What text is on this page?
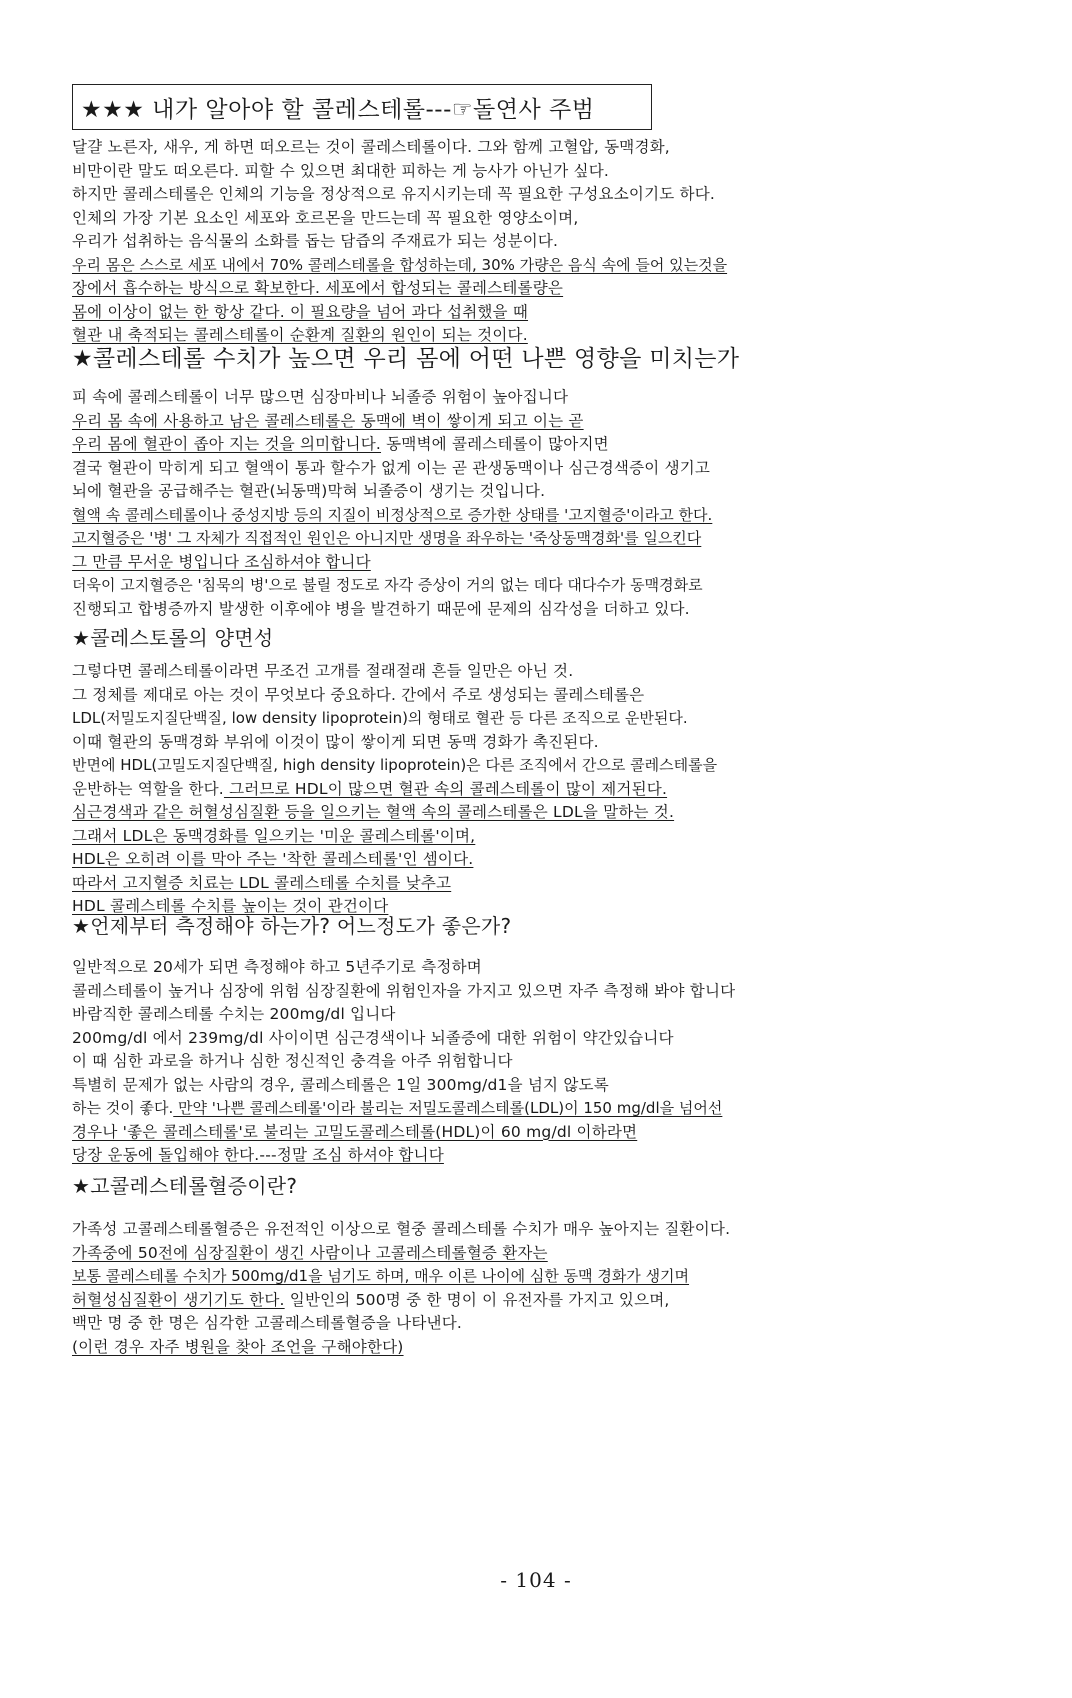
★★★ 내가 알아야 할 콜레스테롤---☞돌연사 주범
달걀 노른자, 새우, 게 하면 떠오르는 것이 콜레스테롤이다. 그와 함께 고혈압, 동맥경화,
비만이란 말도 떠오른다. 피할 수 있으면 최대한 피하는 게 능사가 아닌가 싶다.
하지만 콜레스테롤은 인체의 기능을 정상적으로 유지시키는데 꼭 필요한 구성요소이기도 하다.
인체의 가장 기본 요소인 세포와 호르몬을 만드는데 꼭 필요한 영양소이며,
우리가 섭취하는 음식물의 소화를 돕는 담즙의 주재료가 되는 성분이다.
우리 몸은 스스로 세포 내에서 70% 콜레스테롤을 합성하는데, 30% 가량은 음식 속에 들어 있는것을
장에서 흡수하는 방식으로 확보한다. 세포에서 합성되는 콜레스테롤량은
몸에 이상이 없는 한 항상 같다. 이 필요량을 넘어 과다 섭취했을 때
혈관 내 축적되는 콜레스테롤이 순환계 질환의 원인이 되는 것이다.
★콜레스테롤 수치가 높으면 우리 몸에 어떤 나쁜 영향을 미치는가
피 속에 콜레스테롤이 너무 많으면 심장마비나 뇌졸증 위험이 높아집니다
우리 몸 속에 사용하고 남은 콜레스테롤은 동맥에 벽이 쌓이게 되고 이는 곧
우리 몸에 혈관이 좁아 지는 것을 의미합니다. 동맥벽에 콜레스테롤이 많아지면
결국 혈관이 막히게 되고 혈액이 통과 할수가 없게 이는 곧 관생동맥이나 심근경색증이 생기고
뇌에 혈관을 공급해주는 혈관(뇌동맥)막혀 뇌졸증이 생기는 것입니다.
혈액 속 콜레스테롤이나 중성지방 등의 지질이 비정상적으로 증가한 상태를 '고지혈증'이라고 한다.
고지혈증은 '병' 그 자체가 직접적인 원인은 아니지만 생명을 좌우하는 '죽상동맥경화'를 일으킨다
그 만큼 무서운 병입니다 조심하셔야 합니다
더욱이 고지혈증은 '침묵의 병'으로 불릴 정도로 자각 증상이 거의 없는 데다 대다수가 동맥경화로
진행되고 합병증까지 발생한 이후에야 병을 발견하기 때문에 문제의 심각성을 더하고 있다.
★콜레스토롤의 양면성
그렇다면 콜레스테롤이라면 무조건 고개를 절래절래 흔들 일만은 아닌 것.
그 정체를 제대로 아는 것이 무엇보다 중요하다. 간에서 주로 생성되는 콜레스테롤은
LDL(저밀도지질단백질, low density lipoprotein)의 형태로 혈관 등 다른 조직으로 운반된다.
이때 혈관의 동맥경화 부위에 이것이 많이 쌓이게 되면 동맥 경화가 촉진된다.
반면에 HDL(고밀도지질단백질, high density lipoprotein)은 다른 조직에서 간으로 콜레스테롤을
운반하는 역할을 한다. 그러므로 HDL이 많으면 혈관 속의 콜레스테롤이 많이 제거된다.
심근경색과 같은 허혈성심질환 등을 일으키는 혈액 속의 콜레스테롤은 LDL을 말하는 것.
그래서 LDL은 동맥경화를 일으키는 '미운 콜레스테롤'이며,
HDL은 오히려 이를 막아 주는 '착한 콜레스테롤'인 셈이다.
따라서 고지혈증 치료는 LDL 콜레스테롤 수치를 낮추고
HDL 콜레스테롤 수치를 높이는 것이 관건이다
★언제부터 측정해야 하는가? 어느정도가 좋은가?
일반적으로 20세가 되면 측정해야 하고 5년주기로 측정하며
콜레스테롤이 높거나 심장에 위험 심장질환에 위험인자을 가지고 있으면 자주 측정해 봐야 합니다
바람직한 콜레스테롤 수치는 200mg/dl 입니다
200mg/dl 에서 239mg/dl 사이이면 심근경색이나 뇌졸증에 대한 위험이 약간있습니다
이 때 심한 과로을 하거나 심한 정신적인 충격을 아주 위험합니다
특별히 문제가 없는 사람의 경우, 콜레스테롤은 1일 300mg/d1을 넘지 않도록
하는 것이 좋다. 만약 '나쁜 콜레스테롤'이라 불리는 저밀도콜레스테롤(LDL)이 150 mg/dl을 넘어선
경우나 '좋은 콜레스테롤'로 불리는 고밀도콜레스테롤(HDL)이 60 mg/dl 이하라면
당장 운동에 돌입해야 한다.---정말 조심 하셔야 합니다
★고콜레스테롤혈증이란?
가족성 고콜레스테롤혈증은 유전적인 이상으로 혈중 콜레스테롤 수치가 매우 높아지는 질환이다.
가족중에 50전에 심장질환이 생긴 사람이나 고콜레스테롤혈증 환자는
보통 콜레스테롤 수치가 500mg/d1을 넘기도 하며, 매우 이른 나이에 심한 동맥 경화가 생기며
허혈성심질환이 생기기도 한다. 일반인의 500명 중 한 명이 이 유전자를 가지고 있으며,
백만 명 중 한 명은 심각한 고콜레스테롤혈증을 나타낸다.
(이런 경우 자주 병원을 찾아 조언을 구해야한다)
- 104 -
